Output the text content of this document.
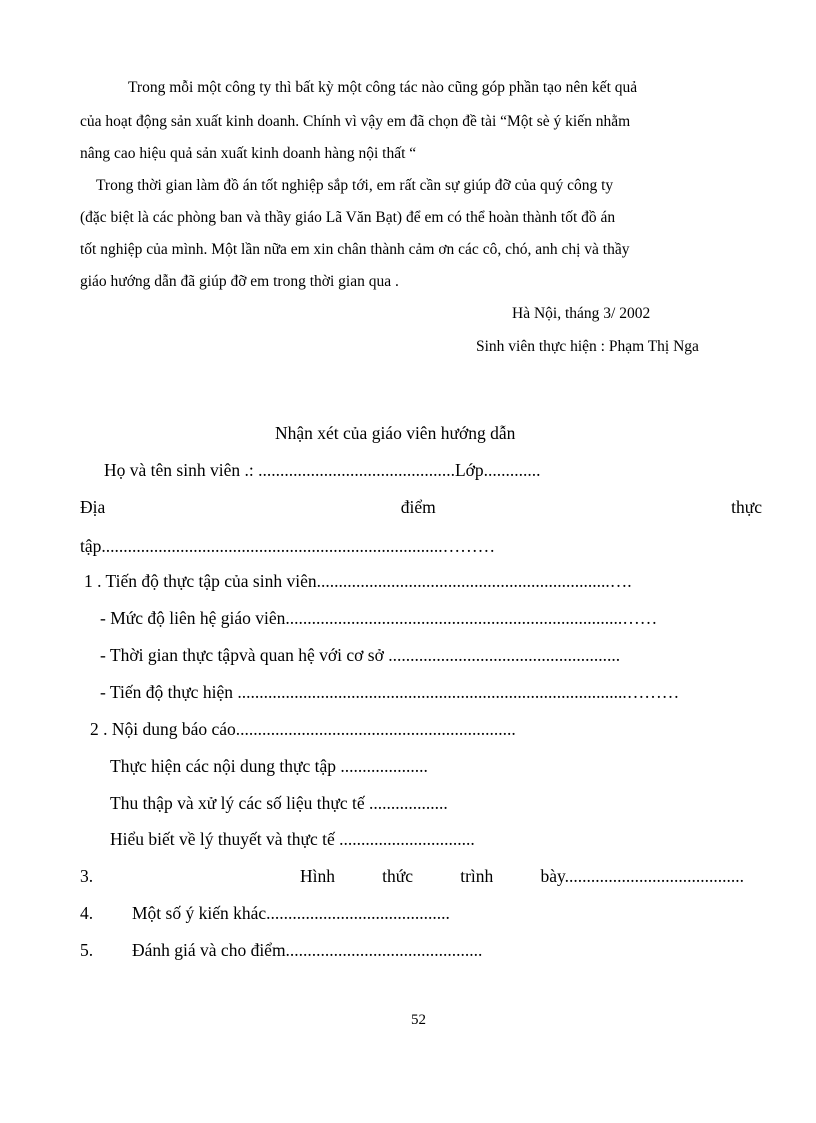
Trong mỗi một công ty thì bất kỳ một công tác nào cũng góp phần tạo nên kết quả
của hoạt động sản xuất kinh doanh. Chính vì vậy em đã chọn đề tài “Một sè ý kiến nhằm
nâng cao hiệu quả sản xuất kinh doanh hàng nội thất “
Trong thời gian làm đồ án tốt nghiệp sắp tới, em rất cần sự giúp đỡ của quý công ty
(đặc biệt là các phòng ban và thầy giáo Lã Văn Bạt) để em có thể hoàn thành tốt đồ án
tốt nghiệp của mình. Một lần nữa em xin chân thành cảm ơn các cô, chó, anh chị và thầy
giáo hướng dẫn đã giúp đỡ em trong thời gian qua .
Hà Nội, tháng 3/ 2002
Sinh viên thực hiện : Phạm Thị Nga
Nhận xét của giáo viên hướng dẫn
Họ và tên sinh viên .: .............................................Lớp.............
Địa	điểm	thực
tập..............................................................................………
1 . Tiến độ thực tập của sinh viên...................................................................….
- Mức độ liên hệ giáo viên.............................................................................……
- Thời gian thực tậpvà quan hệ với cơ sở .....................................................
- Tiến độ thực hiện .........................................................................................………
2 . Nội dung báo cáo................................................................
Thực hiện các nội dung thực tập ....................
Thu thập và xử lý các số liệu thực tế ..................
Hiểu biết về lý thuyết và thực tế ...............................
3.	Hình	thức	trình	bày.........................................
4. Một số ý kiến khác..........................................
5. Đánh giá và cho điểm.............................................
52
